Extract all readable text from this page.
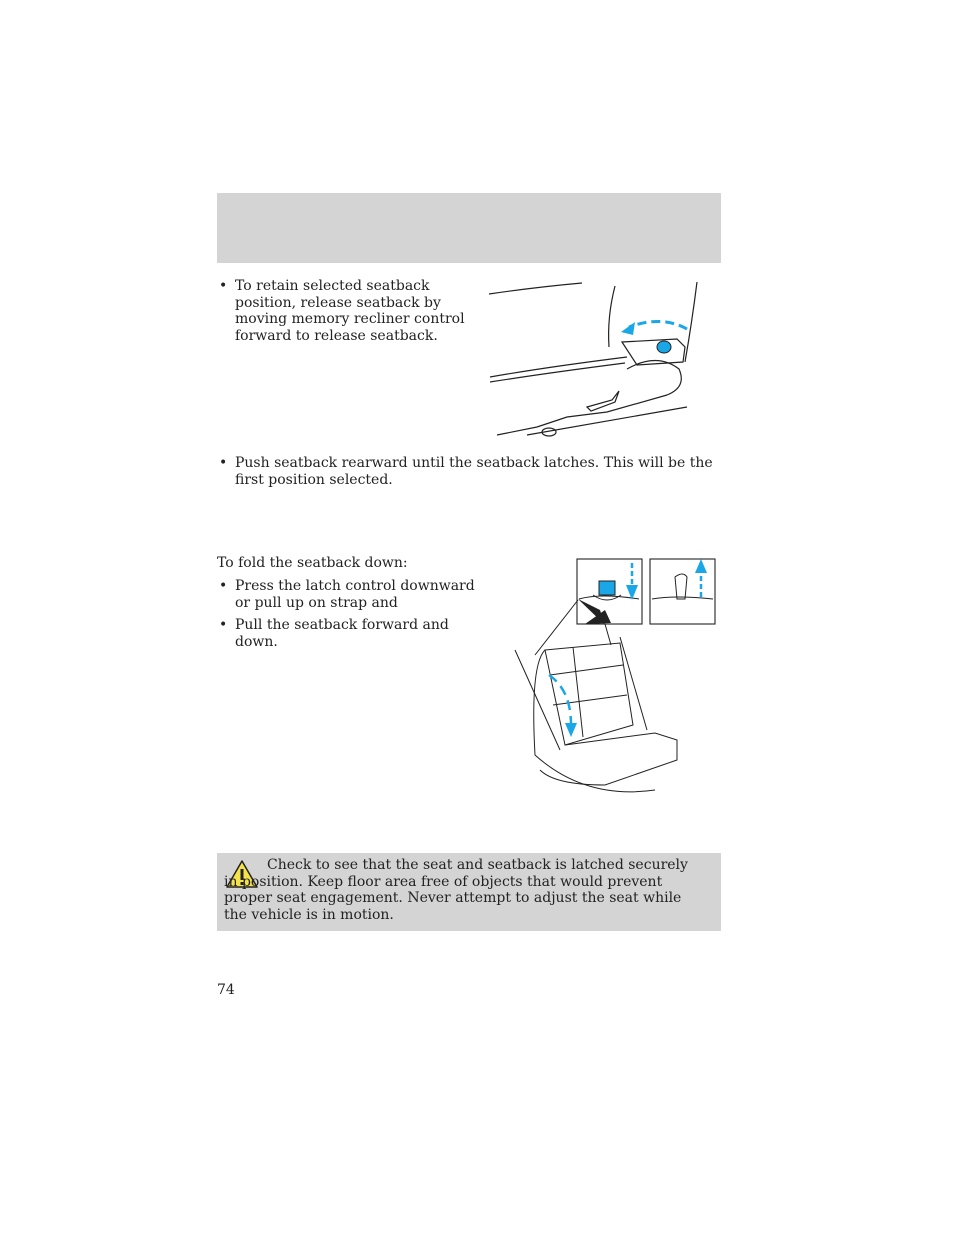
• To retain selected seatback position, release seatback by moving memory recliner control forward to release seatback.
• Push seatback rearward until the seatback latches. This will be the first position selected.
To fold the seatback down:
• Press the latch control downward or pull up on strap and
• Pull the seatback forward and down.
Check to see that the seat and seatback is latched securely in position. Keep floor area free of objects that would prevent proper seat engagement. Never attempt to adjust the seat while the vehicle is in motion.
74
